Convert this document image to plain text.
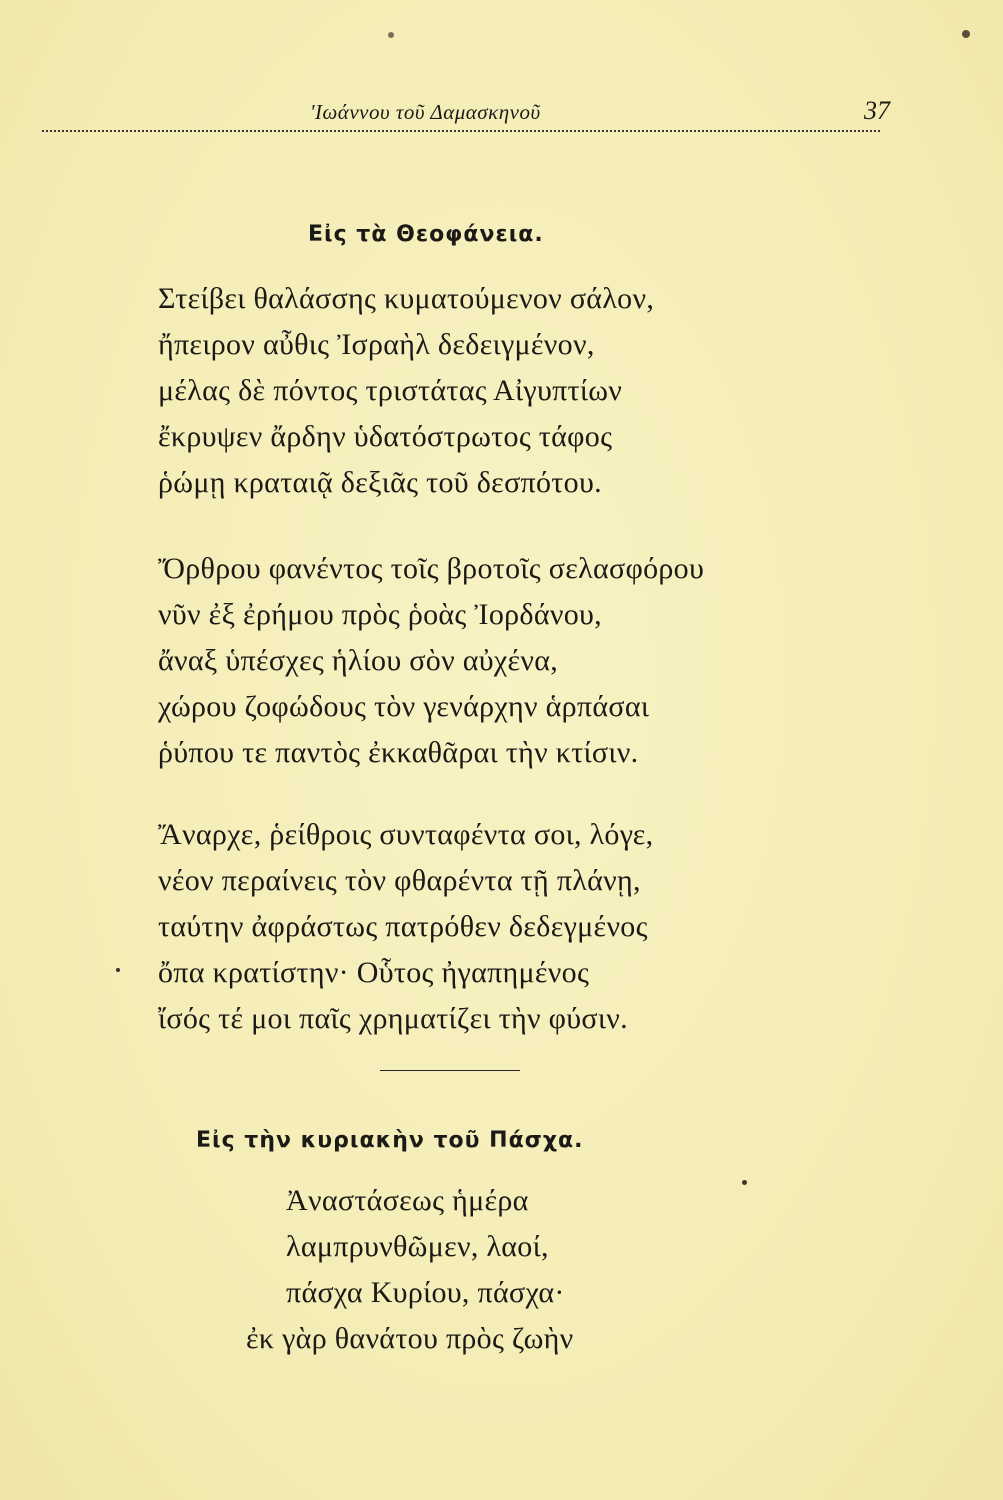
'Ιωάννου τοῦ Δαμασκηνοῦ	37
Εἰς τὰ Θεοφάνεια.
Στείβει θαλάσσης κυματούμενον σάλον,
ἤπειρον αὖθις Ἰσραὴλ δεδειγμένον,
μέλας δὲ πόντος τριστάτας Αἰγυπτίων
ἔκρυψεν ἄρδην ὑδατόστρωτος τάφος
ῥώμῃ κραταιᾷ δεξιᾶς τοῦ δεσπότου.
Ὄρθρου φανέντος τοῖς βροτοῖς σελασφόρου
νῦν ἐξ ἐρήμου πρὸς ῥοὰς Ἰορδάνου,
ἄναξ ὑπέσχες ἡλίου σὸν αὐχένα,
χώρου ζοφώδους τὸν γενάρχην ἁρπάσαι
ῥύπου τε παντὸς ἐκκαθᾶραι τὴν κτίσιν.
Ἄναρχε, ῥείθροις συνταφέντα σοι, λόγε,
νέον περαίνεις τὸν φθαρέντα τῇ πλάνῃ,
ταύτην ἀφράστως πατρόθεν δεδεγμένος
ὄπα κρατίστην· Οὗτος ἠγαπημένος
ἴσός τέ μοι παῖς χρηματίζει τὴν φύσιν.
Εἰς τὴν κυριακὴν τοῦ Πάσχα.
Ἀναστάσεως ἡμέρα
λαμπρυνθῶμεν, λαοί,
πάσχα Κυρίου, πάσχα·
ἐκ γὰρ θανάτου πρὸς ζωὴν
